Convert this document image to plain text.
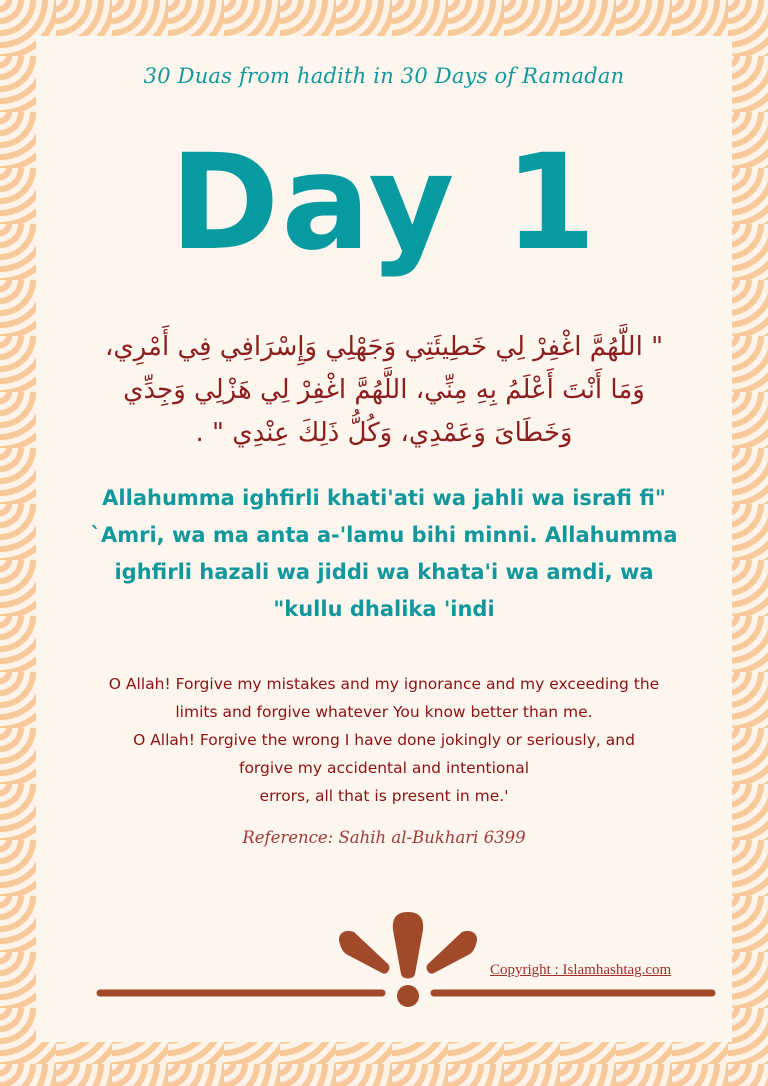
30 Duas from hadith in 30 Days of Ramadan
Day 1
" اللَّهُمَّ اغْفِرْ لِي خَطِيئَتِي وَجَهْلِي وَإِسْرَافِي فِي أَمْرِي،
وَمَا أَنْتَ أَعْلَمُ بِهِ مِنِّي، اللَّهُمَّ اغْفِرْ لِي هَزْلِي وَجِدِّي
وَخَطَاىَ وَعَمْدِي، وَكُلُّ ذَلِكَ عِنْدِي " .
Allahumma ighfirli khati'ati wa jahli wa israfi fi"
`Amri, wa ma anta a-'lamu bihi minni. Allahumma
ighfirli hazali wa jiddi wa khata'i wa amdi, wa
"kullu dhalika 'indi
O Allah! Forgive my mistakes and my ignorance and my exceeding the
limits and forgive whatever You know better than me.
O Allah! Forgive the wrong I have done jokingly or seriously, and
forgive my accidental and intentional
errors, all that is present in me.'
Reference: Sahih al-Bukhari 6399
Copyright : Islamhashtag.com
